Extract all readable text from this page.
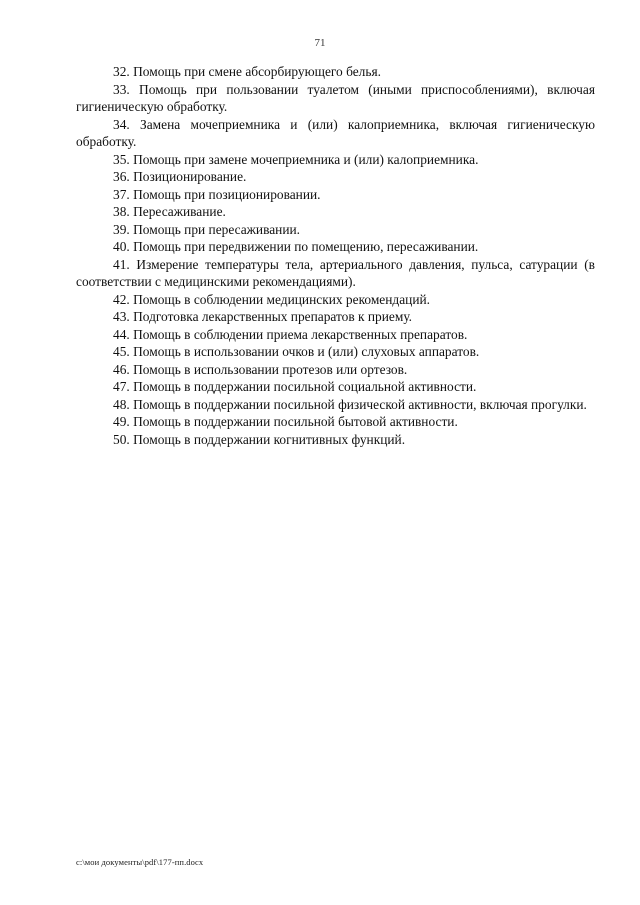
71

32. Помощь при смене абсорбирующего белья.

33. Помощь при пользовании туалетом (иными приспособлениями), включая гигиеническую обработку.

34. Замена мочеприемника и (или) калоприемника, включая гигиеническую обработку.

35. Помощь при замене мочеприемника и (или) калоприемника.

36. Позиционирование.

37. Помощь при позиционировании.

38. Пересаживание.

39. Помощь при пересаживании.

40. Помощь при передвижении по помещению, пересаживании.

41. Измерение температуры тела, артериального давления, пульса, сатурации (в соответствии с медицинскими рекомендациями).

42. Помощь в соблюдении медицинских рекомендаций.

43. Подготовка лекарственных препаратов к приему.

44. Помощь в соблюдении приема лекарственных препаратов.

45. Помощь в использовании очков и (или) слуховых аппаратов.

46. Помощь в использовании протезов или ортезов.

47. Помощь в поддержании посильной социальной активности.

48. Помощь в поддержании посильной физической активности, включая прогулки.

49. Помощь в поддержании посильной бытовой активности.

50. Помощь в поддержании когнитивных функций.

c:\мои документы\pdf\177-пп.docx
